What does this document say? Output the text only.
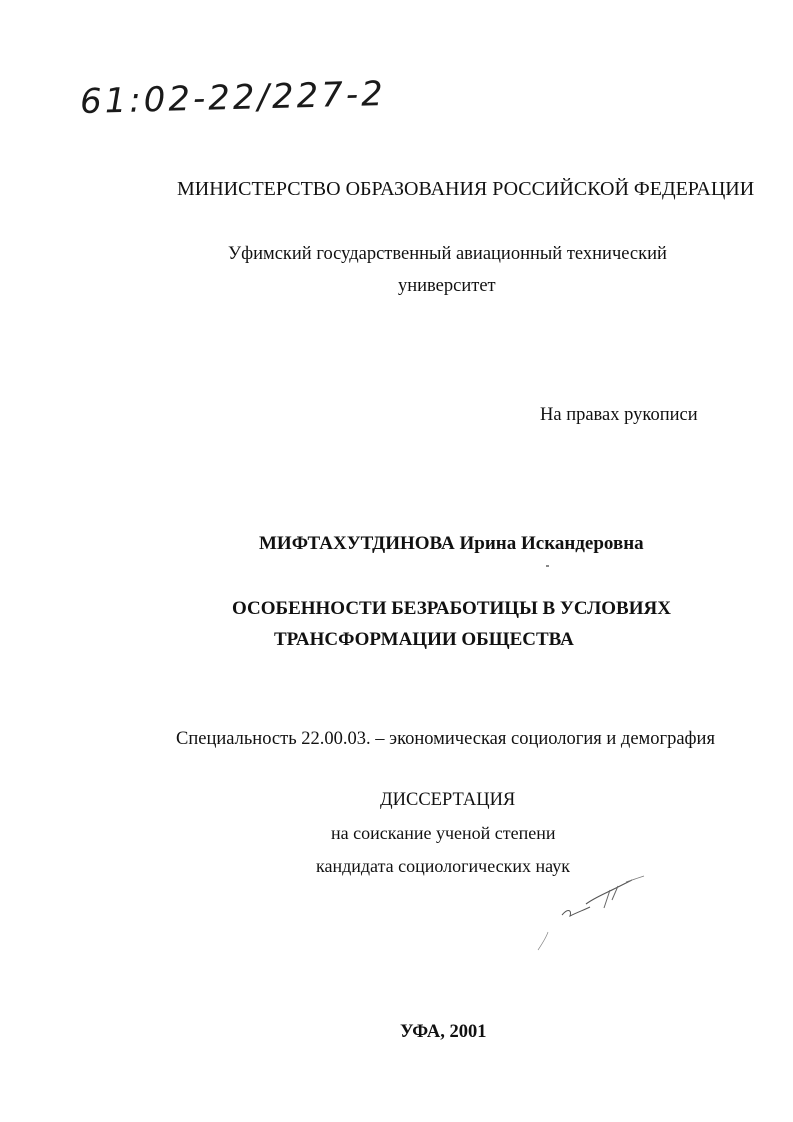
61:02-22/227-2
МИНИСТЕРСТВО ОБРАЗОВАНИЯ РОССИЙСКОЙ ФЕДЕРАЦИИ
Уфимский государственный авиационный технический
университет
На правах рукописи
МИФТАХУТДИНОВА Ирина Искандеровна
ОСОБЕННОСТИ БЕЗРАБОТИЦЫ В УСЛОВИЯХ
ТРАНСФОРМАЦИИ ОБЩЕСТВА
Специальность 22.00.03. – экономическая социология и демография
ДИССЕРТАЦИЯ
на соискание ученой степени
кандидата социологических наук
УФА, 2001
